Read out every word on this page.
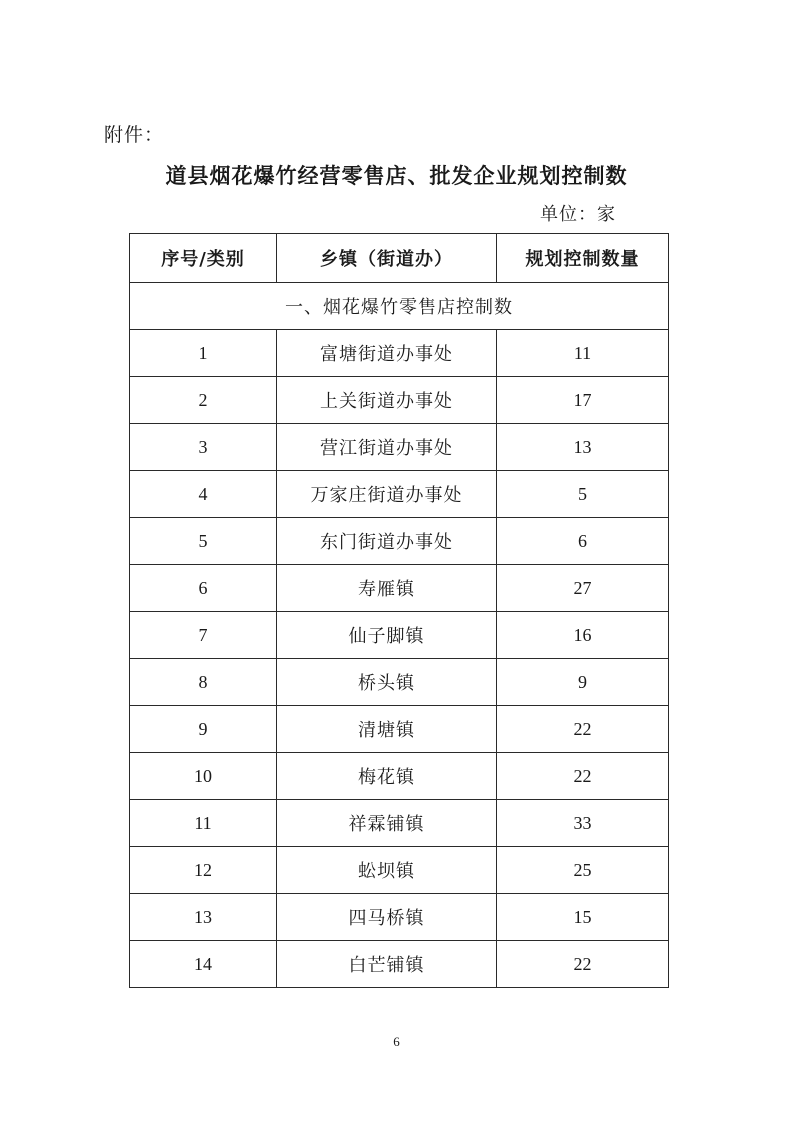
附件：
道县烟花爆竹经营零售店、批发企业规划控制数
单位：家
序号/类别	乡镇（街道办）	规划控制数量
一、烟花爆竹零售店控制数		
1	富塘街道办事处	11
2	上关街道办事处	17
3	营江街道办事处	13
4	万家庄街道办事处	5
5	东门街道办事处	6
6	寿雁镇	27
7	仙子脚镇	16
8	桥头镇	9
9	清塘镇	22
10	梅花镇	22
11	祥霖铺镇	33
12	蚣坝镇	25
13	四马桥镇	15
14	白芒铺镇	22
6
